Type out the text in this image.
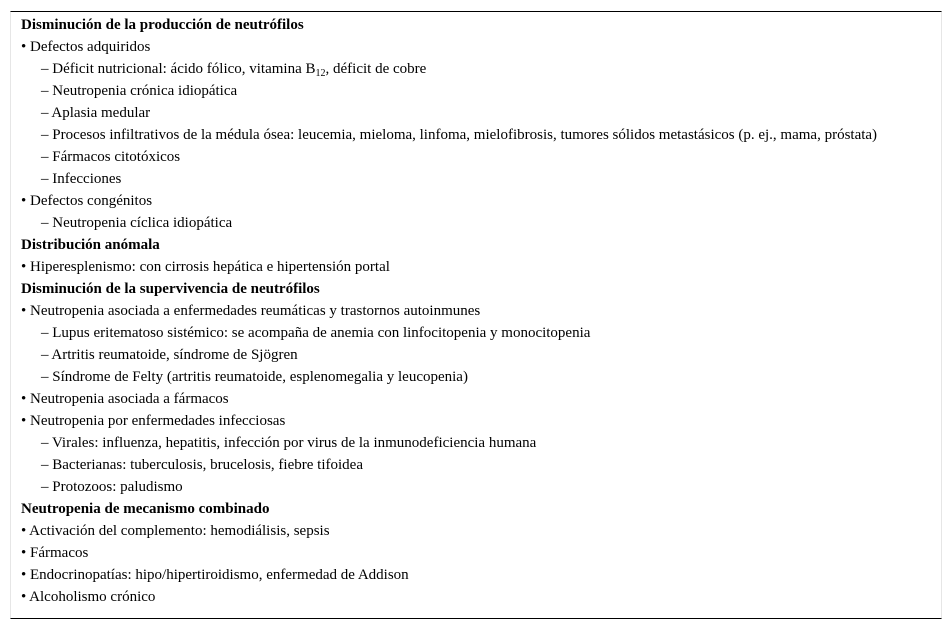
Disminución de la producción de neutrófilos
• Defectos adquiridos
– Déficit nutricional: ácido fólico, vitamina $B_{12}$, déficit de cobre
– Neutropenia crónica idiopática
– Aplasia medular
– Procesos infiltrativos de la médula ósea: leucemia, mieloma, linfoma, mielofibrosis, tumores sólidos metastásicos (p. ej., mama, próstata)
– Fármacos citotóxicos
– Infecciones
• Defectos congénitos
– Neutropenia cíclica idiopática
Distribución anómala
• Hiperesplenismo: con cirrosis hepática e hipertensión portal
Disminución de la supervivencia de neutrófilos
• Neutropenia asociada a enfermedades reumáticas y trastornos autoinmunes
– Lupus eritematoso sistémico: se acompaña de anemia con linfocitopenia y monocitopenia
– Artritis reumatoide, síndrome de Sjögren
– Síndrome de Felty (artritis reumatoide, esplenomegalia y leucopenia)
• Neutropenia asociada a fármacos
• Neutropenia por enfermedades infecciosas
– Virales: influenza, hepatitis, infección por virus de la inmunodeficiencia humana
– Bacterianas: tuberculosis, brucelosis, fiebre tifoidea
– Protozoos: paludismo
Neutropenia de mecanismo combinado
• Activación del complemento: hemodiálisis, sepsis
• Fármacos
• Endocrinopatías: hipo/hipertiroidismo, enfermedad de Addison
• Alcoholismo crónico
